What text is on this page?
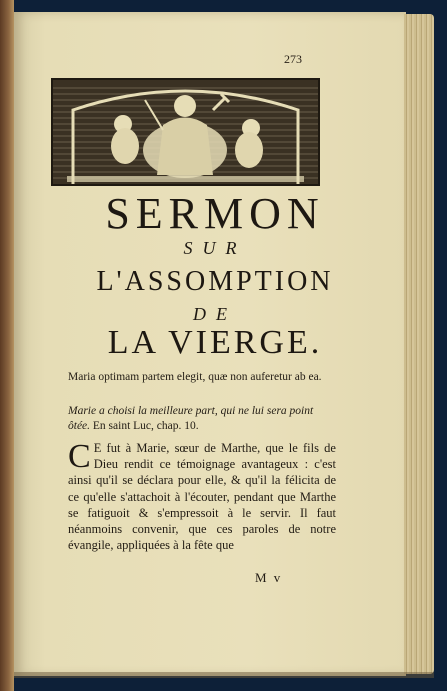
273
SERMON
SUR
L'ASSOMPTION
DE
LA VIERGE.
Maria optimam partem elegit, quæ non auferetur ab ea.
Marie a choisi la meilleure part, qui ne lui sera point ôtée. En saint Luc, chap. 10.
C E fut à Marie, sœur de Marthe, que le fils de Dieu rendit ce témoignage avantageux : c'est ainsi qu'il se déclara pour elle, & qu'il la félicita de ce qu'elle s'attachoit à l'écouter, pendant que Marthe se fatiguoit & s'empressoit à le servir. Il faut néanmoins convenir, que ces paroles de notre évangile, appliquées à la fête que
M v
